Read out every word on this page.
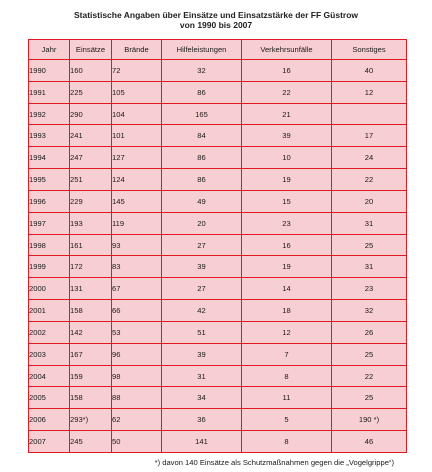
Statistische Angaben über Einsätze und Einsatzstärke der FF Güstrow
von 1990 bis 2007
Jahr	Einsätze	Brände	Hilfeleistungen	Verkehrsunfälle	Sonstiges
1990	160	72	32	16	40
1991	225	105	86	22	12
1992	290	104	165	21	
1993	241	101	84	39	17
1994	247	127	86	10	24
1995	251	124	86	19	22
1996	229	145	49	15	20
1997	193	119	20	23	31
1998	161	93	27	16	25
1999	172	83	39	19	31
2000	131	67	27	14	23
2001	158	66	42	18	32
2002	142	53	51	12	26
2003	167	96	39	7	25
2004	159	98	31	8	22
2005	158	88	34	11	25
2006	293*)	62	36	5	190 *)
2007	245	50	141	8	46
*) davon 140 Einsätze als Schutzmaßnahmen gegen die „Vogelgrippe“)
